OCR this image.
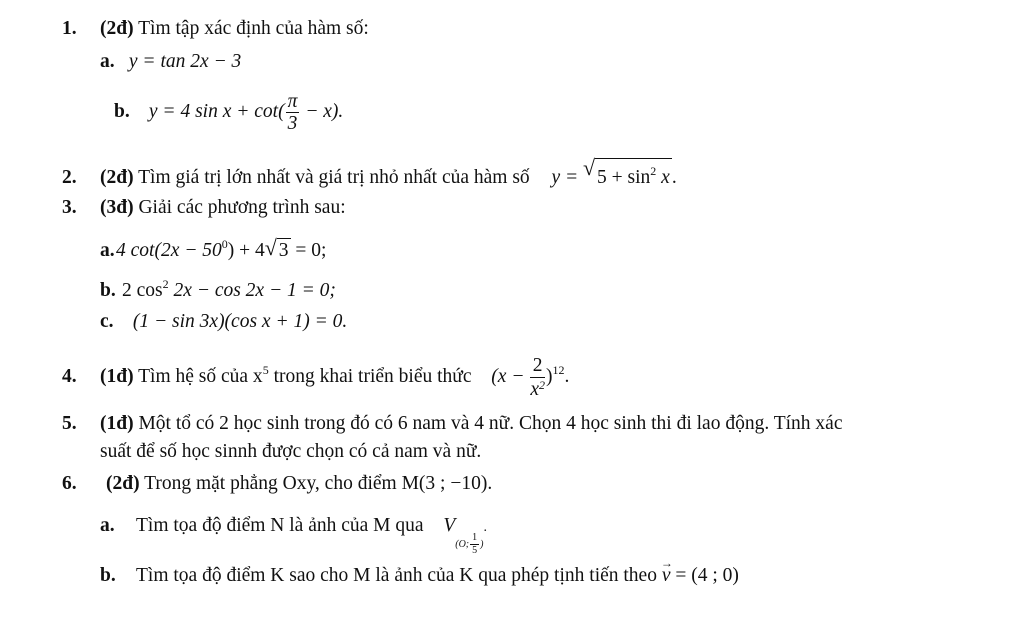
1. (2đ) Tìm tập xác định của hàm số:
a. y = tan 2x − 3
b. y = 4 $\sin x + \cot( \frac{\pi}{3} - x)$.
2. (2đ) Tìm giá trị lớn nhất và giá trị nhỏ nhất của hàm số y = √ $5 + \sin^2 x$ .
3. (3đ) Giải các phương trình sau:
a.4 $\cot(2x - 50^0) + 4$ √ 3 = 0;
b. 2 $\cos^2 2x - \cos 2x - 1 = 0$;
c. (1 − sin 3x)(cos x + 1) = 0.
4. (1đ) Tìm hệ số của $x^5$ trong khai triển biểu thức $(x - \frac{2}{x^2} )^{12}$.
5. (1đ) Một tổ có 2 học sinh trong đó có 6 nam và 4 nữ. Chọn 4 học sinh thi đi lao động. Tính xác
suất để số học sinnh được chọn có cả nam và nữ.
6. (2đ) Trong mặt phẳng Oxy, cho điểm M(3 ; −10).
a. Tìm tọa độ điểm N là ảnh của M qua V(O; $\frac{1}{5}$ ).
b. Tìm tọa độ điểm K sao cho M là ảnh của K qua phép tịnh tiến theo → v = (4 ; 0)
